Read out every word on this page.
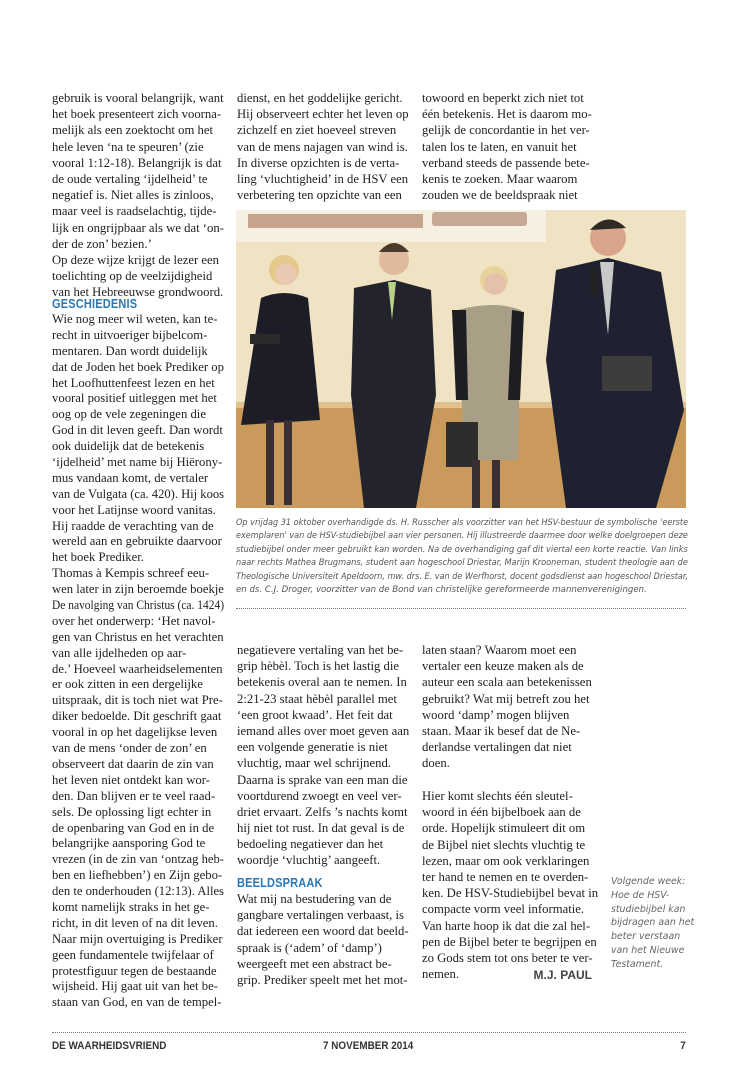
gebruik is vooral belangrijk, want
het boek presenteert zich voorna-
melijk als een zoektocht om het
hele leven ‘na te speuren’ (zie
vooral 1:12-18). Belangrijk is dat
de oude vertaling ‘ijdelheid’ te
negatief is. Niet alles is zinloos,
maar veel is raadselachtig, tijde-
lijk en ongrijpbaar als we dat ‘on-
der de zon’ bezien.’
Op deze wijze krijgt de lezer een
toelichting op de veelzijdigheid
van het Hebreeuwse grondwoord.
GESCHIEDENIS
Wie nog meer wil weten, kan te-
recht in uitvoeriger bijbelcom-
mentaren. Dan wordt duidelijk
dat de Joden het boek Prediker op
het Loofhuttenfeest lezen en het
vooral positief uitleggen met het
oog op de vele zegeningen die
God in dit leven geeft. Dan wordt
ook duidelijk dat de betekenis
‘ijdelheid’ met name bij Hiërony-
mus vandaan komt, de vertaler
van de Vulgata (ca. 420). Hij koos
voor het Latijnse woord vanitas.
Hij raadde de verachting van de
wereld aan en gebruikte daarvoor
het boek Prediker.
Thomas à Kempis schreef eeu-
wen later in zijn beroemde boekje
De navolging van Christus (ca. 1424)
over het onderwerp: ‘Het navol-
gen van Christus en het verachten
van alle ijdelheden op aar-
de.’ Hoeveel waarheidselementen
er ook zitten in een dergelijke
uitspraak, dit is toch niet wat Pre-
diker bedoelde. Dit geschrift gaat
vooral in op het dagelijkse leven
van de mens ‘onder de zon’ en
observeert dat daarin de zin van
het leven niet ontdekt kan wor-
den. Dan blijven er te veel raad-
sels. De oplossing ligt echter in
de openbaring van God en in de
belangrijke aansporing God te
vrezen (in de zin van ‘ontzag heb-
ben en liefhebben’) en Zijn gebo-
den te onderhouden (12:13). Alles
komt namelijk straks in het ge-
richt, in dit leven of na dit leven.
Naar mijn overtuiging is Prediker
geen fundamentele twijfelaar of
protestfiguur tegen de bestaande
wijsheid. Hij gaat uit van het be-
staan van God, en van de tempel-
dienst, en het goddelijke gericht.
Hij observeert echter het leven op
zichzelf en ziet hoeveel streven
van de mens najagen van wind is.
In diverse opzichten is de verta-
ling ‘vluchtigheid’ in de HSV een
verbetering ten opzichte van een
towoord en beperkt zich niet tot
één betekenis. Het is daarom mo-
gelijk de concordantie in het ver-
talen los te laten, en vanuit het
verband steeds de passende bete-
kenis te zoeken. Maar waarom
zouden we de beeldspraak niet
Op vrijdag 31 oktober overhandigde ds. H. Russcher als voorzitter van het HSV-bestuur de symbolische 'eerste
exemplaren' van de HSV-studiebijbel aan vier personen. Hij illustreerde daarmee door welke doelgroepen deze
studiebijbel onder meer gebruikt kan worden. Na de overhandiging gaf dit viertal een korte reactie. Van links
naar rechts Mathea Brugmans, student aan hogeschool Driestar, Marijn Krooneman, student theologie aan de
Theologische Universiteit Apeldoorn, mw. drs. E. van de Werfhorst, docent godsdienst aan hogeschool Driestar,
en ds. C.J. Droger, voorzitter van de Bond van christelijke gereformeerde mannenverenigingen.
negatievere vertaling van het be-
grip hèbèl. Toch is het lastig die
betekenis overal aan te nemen. In
2:21-23 staat hèbèl parallel met
‘een groot kwaad’. Het feit dat
iemand alles over moet geven aan
een volgende generatie is niet
vluchtig, maar wel schrijnend.
Daarna is sprake van een man die
voortdurend zwoegt en veel ver-
driet ervaart. Zelfs ’s nachts komt
hij niet tot rust. In dat geval is de
bedoeling negatiever dan het
woordje ‘vluchtig’ aangeeft.
BEELDSPRAAK
Wat mij na bestudering van de
gangbare vertalingen verbaast, is
dat iedereen een woord dat beeld-
spraak is (‘adem’ of ‘damp’)
weergeeft met een abstract be-
grip. Prediker speelt met het mot-
laten staan? Waarom moet een
vertaler een keuze maken als de
auteur een scala aan betekenissen
gebruikt? Wat mij betreft zou het
woord ‘damp’ mogen blijven
staan. Maar ik besef dat de Ne-
derlandse vertalingen dat niet
doen.
Hier komt slechts één sleutel-
woord in één bijbelboek aan de
orde. Hopelijk stimuleert dit om
de Bijbel niet slechts vluchtig te
lezen, maar om ook verklaringen
ter hand te nemen en te overden-
ken. De HSV-Studiebijbel bevat in
compacte vorm veel informatie.
Van harte hoop ik dat die zal hel-
pen de Bijbel beter te begrijpen en
zo Gods stem tot ons beter te ver-
nemen.	M.J. PAUL
Volgende week:
Hoe de HSV-
studiebijbel kan
bijdragen aan het
beter verstaan
van het Nieuwe
Testament.
DE WAARHEIDSVRIEND	7 NOVEMBER 2014	7
